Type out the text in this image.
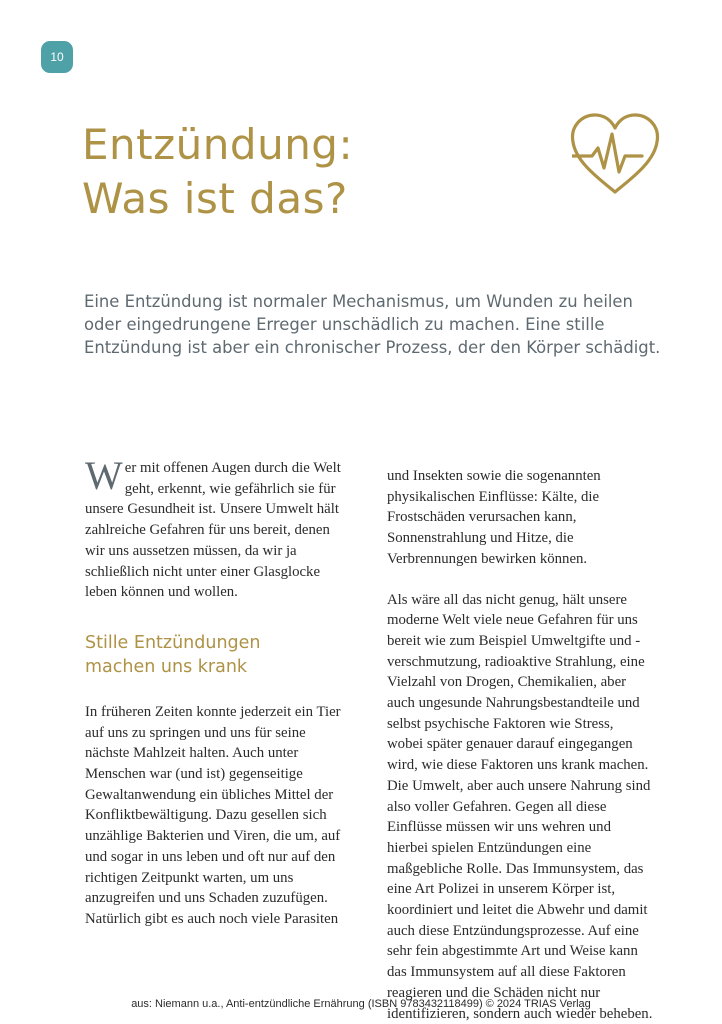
10
Entzündung:
Was ist das?

Eine Entzündung ist normaler Mechanismus, um Wunden zu heilen oder eingedrungene Erreger unschädlich zu machen. Eine stille Entzündung ist aber ein chronischer Prozess, der den Körper schädigt.

Wer mit offenen Augen durch die Welt geht, erkennt, wie gefährlich sie für unsere Gesundheit ist. Unsere Umwelt hält zahlreiche Gefahren für uns bereit, denen wir uns aussetzen müssen, da wir ja schließlich nicht unter einer Glasglocke leben können und wollen.

Stille Entzündungen
machen uns krank

In früheren Zeiten konnte jederzeit ein Tier auf uns zu springen und uns für seine nächste Mahlzeit halten. Auch unter Menschen war (und ist) gegenseitige Gewaltanwendung ein übliches Mittel der Konfliktbewältigung. Dazu gesellen sich unzählige Bakterien und Viren, die um, auf und sogar in uns leben und oft nur auf den richtigen Zeitpunkt warten, um uns anzugreifen und uns Schaden zuzufügen. Natürlich gibt es auch noch viele Parasiten

und Insekten sowie die sogenannten physikalischen Einflüsse: Kälte, die Frostschäden verursachen kann, Sonnenstrahlung und Hitze, die Verbrennungen bewirken können.

Als wäre all das nicht genug, hält unsere moderne Welt viele neue Gefahren für uns bereit wie zum Beispiel Umweltgifte und -verschmutzung, radioaktive Strahlung, eine Vielzahl von Drogen, Chemikalien, aber auch ungesunde Nahrungsbestandteile und selbst psychische Faktoren wie Stress, wobei später genauer darauf eingegangen wird, wie diese Faktoren uns krank machen. Die Umwelt, aber auch unsere Nahrung sind also voller Gefahren. Gegen all diese Einflüsse müssen wir uns wehren und hierbei spielen Entzündungen eine maßgebliche Rolle. Das Immunsystem, das eine Art Polizei in unserem Körper ist, koordiniert und leitet die Abwehr und damit auch diese Entzündungsprozesse. Auf eine sehr fein abgestimmte Art und Weise kann das Immunsystem auf all diese Faktoren reagieren und die Schäden nicht nur identifizieren, sondern auch wieder beheben.

aus: Niemann u.a., Anti-entzündliche Ernährung (ISBN 9783432118499) © 2024 TRIAS Verlag
